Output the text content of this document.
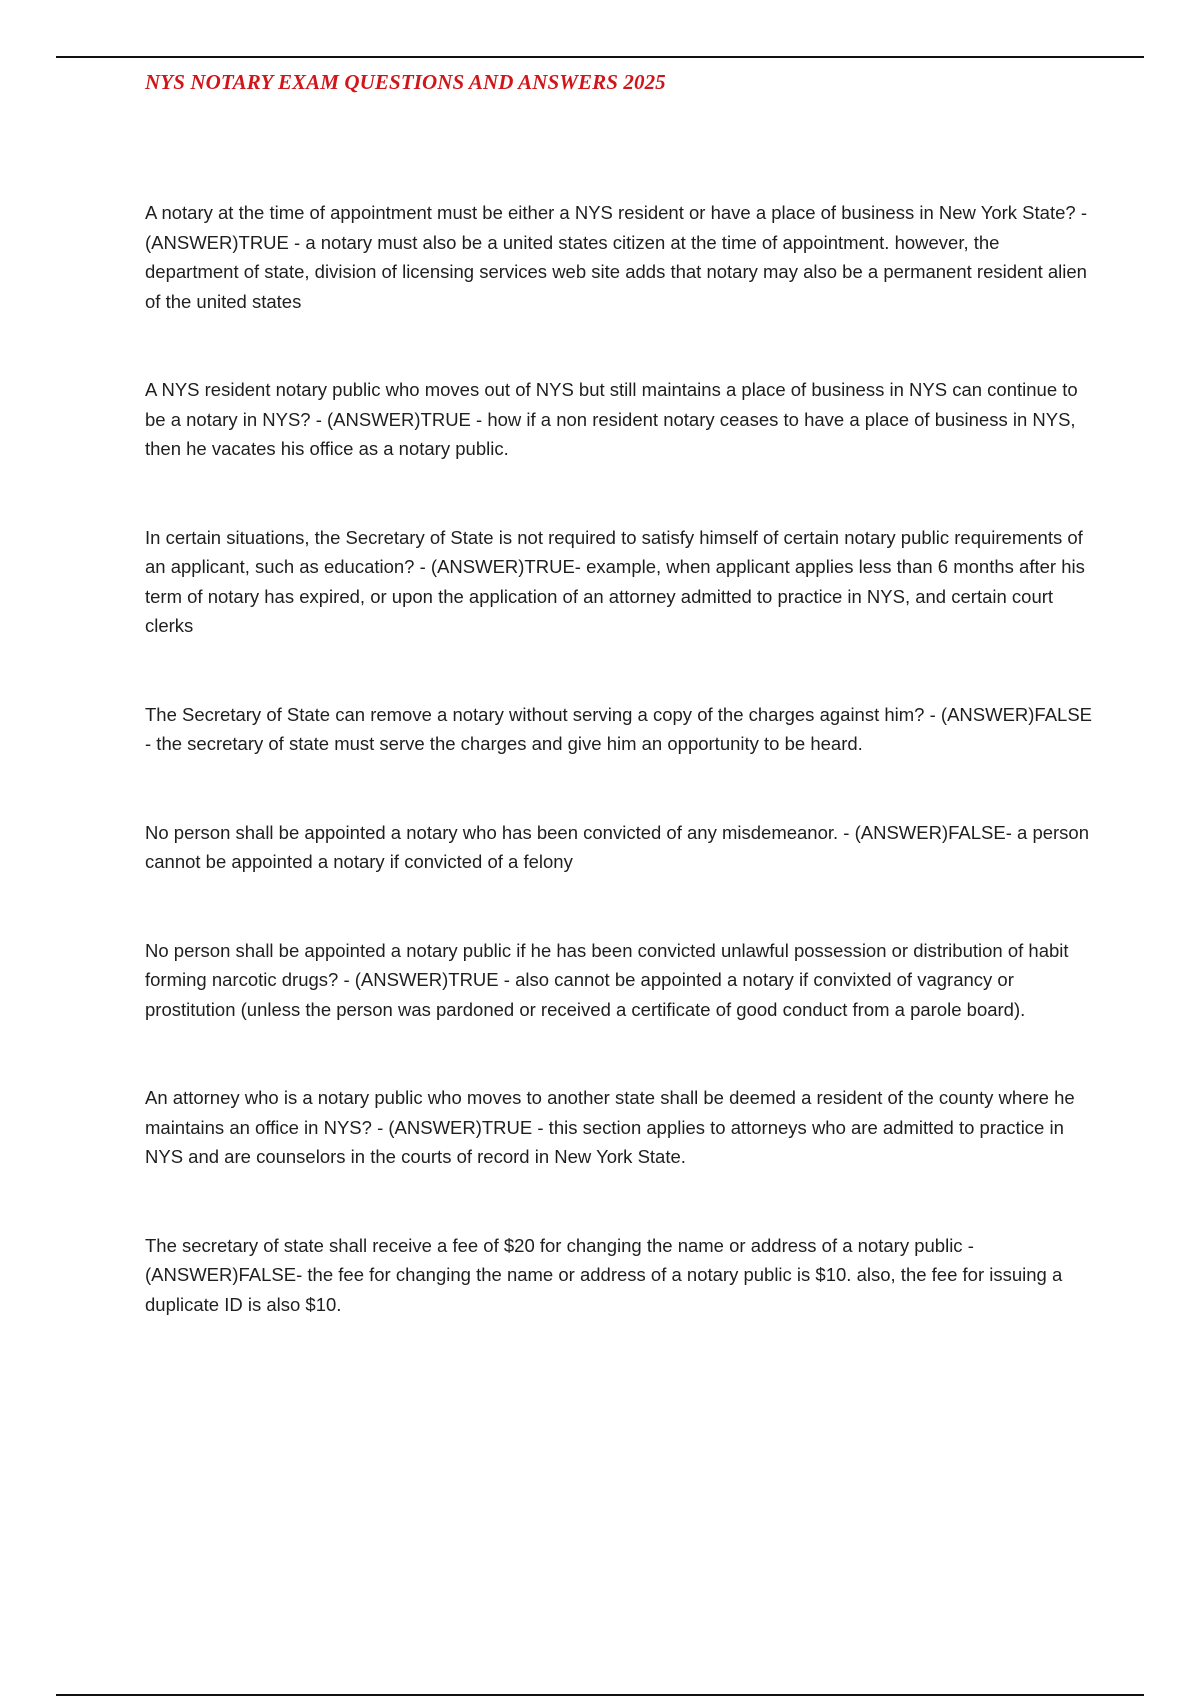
NYS NOTARY EXAM QUESTIONS AND ANSWERS 2025
A notary at the time of appointment must be either a NYS resident or have a place of business in New York State? - (ANSWER)TRUE - a notary must also be a united states citizen at the time of appointment. however, the department of state, division of licensing services web site adds that notary may also be a permanent resident alien of the united states
A NYS resident notary public who moves out of NYS but still maintains a place of business in NYS can continue to be a notary in NYS? - (ANSWER)TRUE - how if a non resident notary ceases to have a place of business in NYS, then he vacates his office as a notary public.
In certain situations, the Secretary of State is not required to satisfy himself of certain notary public requirements of an applicant, such as education? - (ANSWER)TRUE- example, when applicant applies less than 6 months after his term of notary has expired, or upon the application of an attorney admitted to practice in NYS, and certain court clerks
The Secretary of State can remove a notary without serving a copy of the charges against him? - (ANSWER)FALSE - the secretary of state must serve the charges and give him an opportunity to be heard.
No person shall be appointed a notary who has been convicted of any misdemeanor. - (ANSWER)FALSE- a person cannot be appointed a notary if convicted of a felony
No person shall be appointed a notary public if he has been convicted unlawful possession or distribution of habit forming narcotic drugs? - (ANSWER)TRUE - also cannot be appointed a notary if convixted of vagrancy or prostitution (unless the person was pardoned or received a certificate of good conduct from a parole board).
An attorney who is a notary public who moves to another state shall be deemed a resident of the county where he maintains an office in NYS? - (ANSWER)TRUE - this section applies to attorneys who are admitted to practice in NYS and are counselors in the courts of record in New York State.
The secretary of state shall receive a fee of $20 for changing the name or address of a notary public - (ANSWER)FALSE- the fee for changing the name or address of a notary public is $10. also, the fee for issuing a duplicate ID is also $10.
